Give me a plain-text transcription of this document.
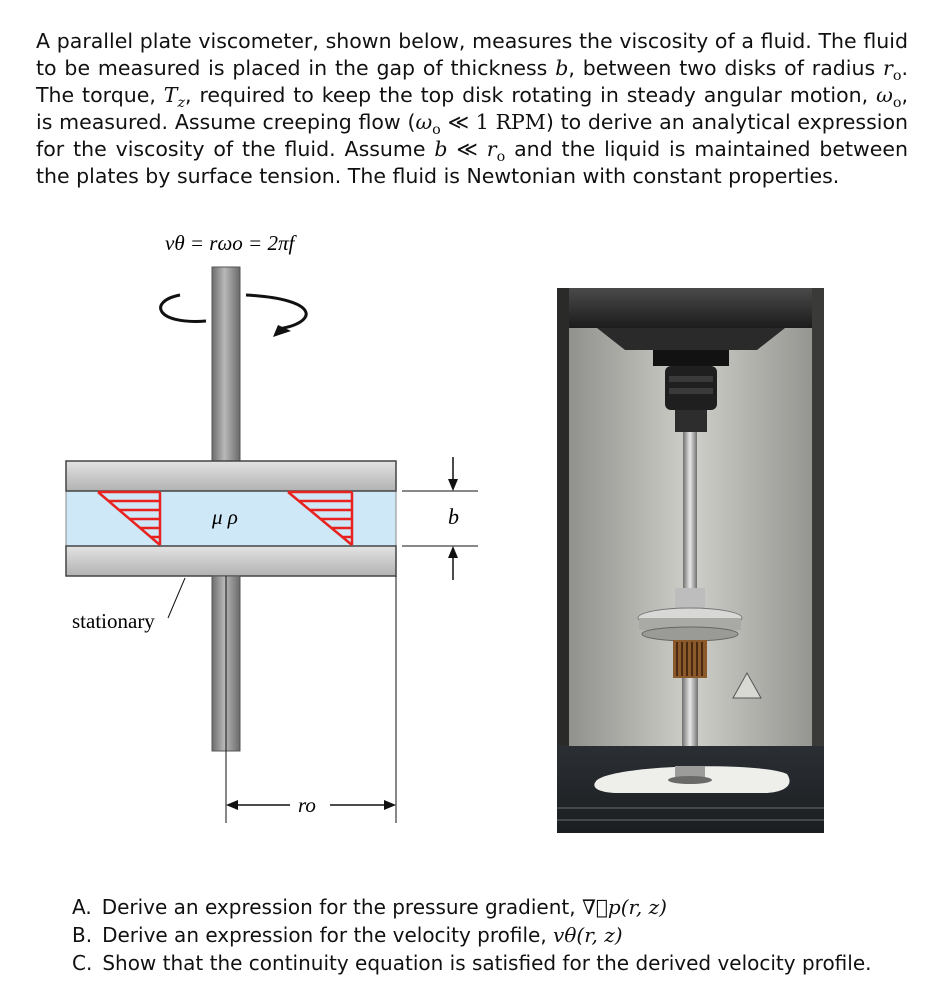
A parallel plate viscometer, shown below, measures the viscosity of a fluid. The fluid to be measured is placed in the gap of thickness b, between two disks of radius $r_o$. The torque, $T_z$, required to keep the top disk rotating in steady angular motion, $\omega_o$, is measured. Assume creeping flow ($\omega_o$ ≪ 1 RPM) to derive an analytical expression for the viscosity of the fluid. Assume b ≪ $r_o$ and the liquid is maintained between the plates by surface tension. The fluid is Newtonian with constant properties.

vθ = rωo = 2πf
μ ρ	b
stationary
ro
A. Derive an expression for the pressure gradient, ∇⃗p(r, z)
B. Derive an expression for the velocity profile, vθ(r, z)
C. Show that the continuity equation is satisfied for the derived velocity profile.
